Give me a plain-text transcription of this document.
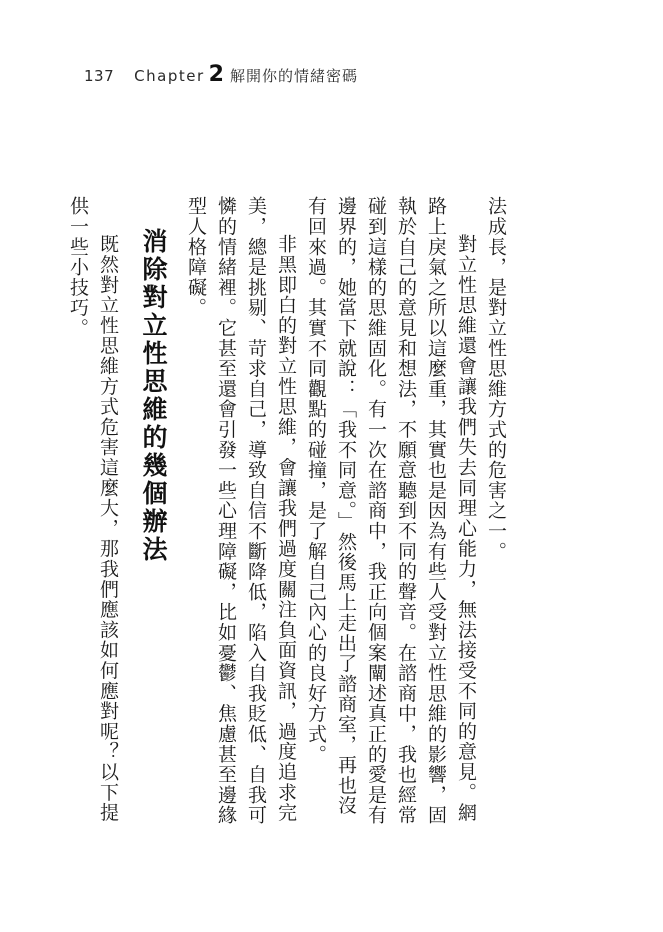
137 Chapter 2 解開你的情緒密碼

法成長，是對立性思維方式的危害之一。

對立性思維還會讓我們失去同理心能力，無法接受不同的意見。網路上戾氣之所以這麼重，其實也是因為有些人受對立性思維的影響，固執於自己的意見和想法，不願意聽到不同的聲音。在諮商中，我也經常碰到這樣的思維固化。有一次在諮商中，我正向個案闡述真正的愛是有邊界的，她當下就說：「我不同意。」然後馬上走出了諮商室，再也沒有回來過。其實不同觀點的碰撞，是了解自己內心的良好方式。

非黑即白的對立性思維，會讓我們過度關注負面資訊，過度追求完美，總是挑剔、苛求自己，導致自信不斷降低，陷入自我貶低、自我可憐的情緒裡。它甚至還會引發一些心理障礙，比如憂鬱、焦慮甚至邊緣型人格障礙。

消除對立性思維的幾個辦法

既然對立性思維方式危害這麼大，那我們應該如何應對呢？以下提供一些小技巧。
